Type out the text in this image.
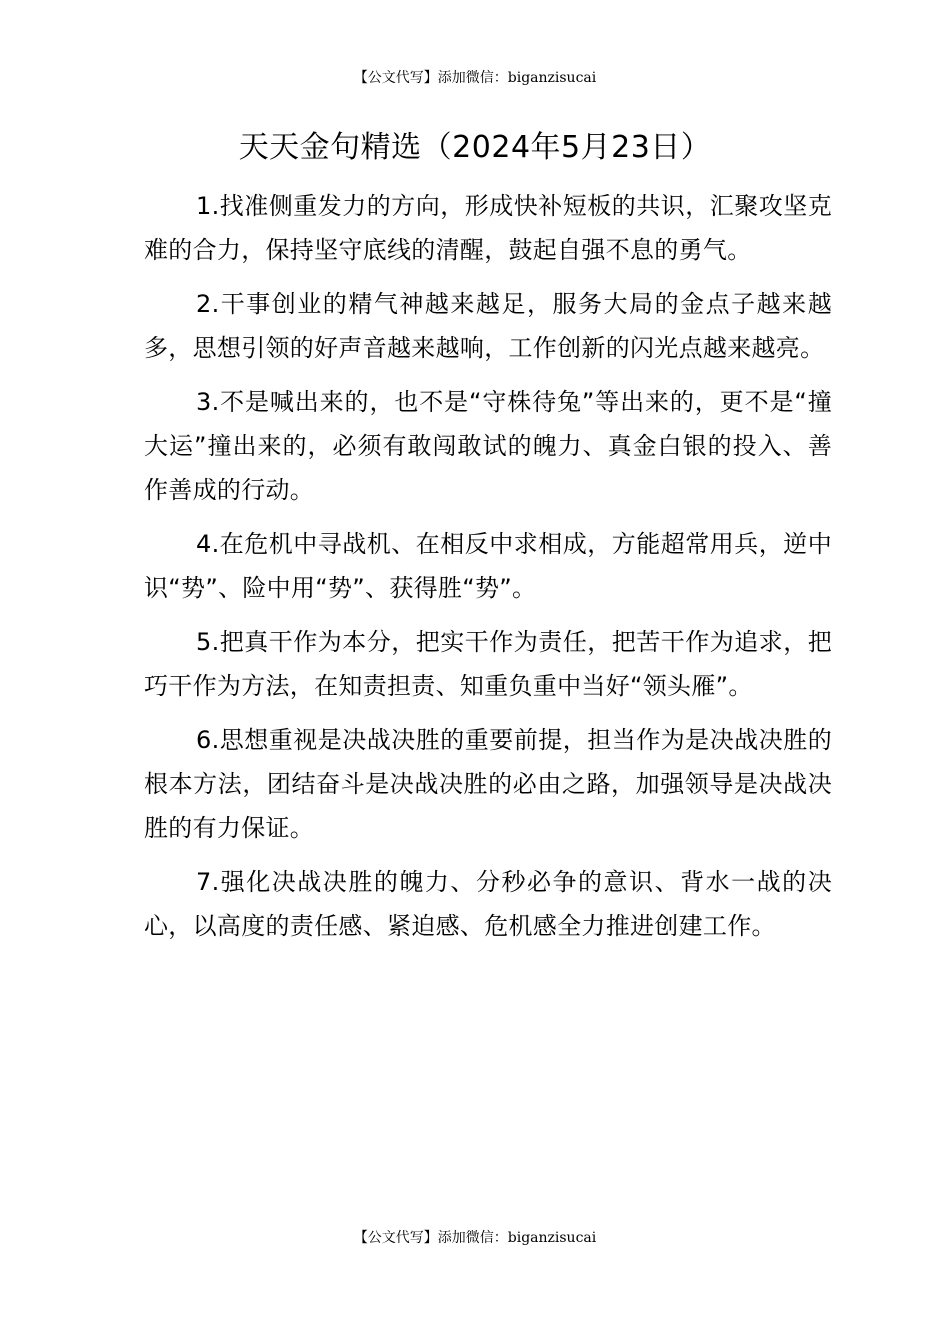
【公文代写】添加微信：biganzisucai
天天金句精选（2024年5月23日）

1.找准侧重发力的方向，形成快补短板的共识，汇聚攻坚克难的合力，保持坚守底线的清醒，鼓起自强不息的勇气。

2.干事创业的精气神越来越足，服务大局的金点子越来越多，思想引领的好声音越来越响，工作创新的闪光点越来越亮。

3.不是喊出来的，也不是“守株待兔”等出来的，更不是“撞大运”撞出来的，必须有敢闯敢试的魄力、真金白银的投入、善作善成的行动。

4.在危机中寻战机、在相反中求相成，方能超常用兵，逆中识“势”、险中用“势”、获得胜“势”。

5.把真干作为本分，把实干作为责任，把苦干作为追求，把巧干作为方法，在知责担责、知重负重中当好“领头雁”。

6.思想重视是决战决胜的重要前提，担当作为是决战决胜的根本方法，团结奋斗是决战决胜的必由之路，加强领导是决战决胜的有力保证。

7.强化决战决胜的魄力、分秒必争的意识、背水一战的决心，以高度的责任感、紧迫感、危机感全力推进创建工作。

【公文代写】添加微信：biganzisucai
